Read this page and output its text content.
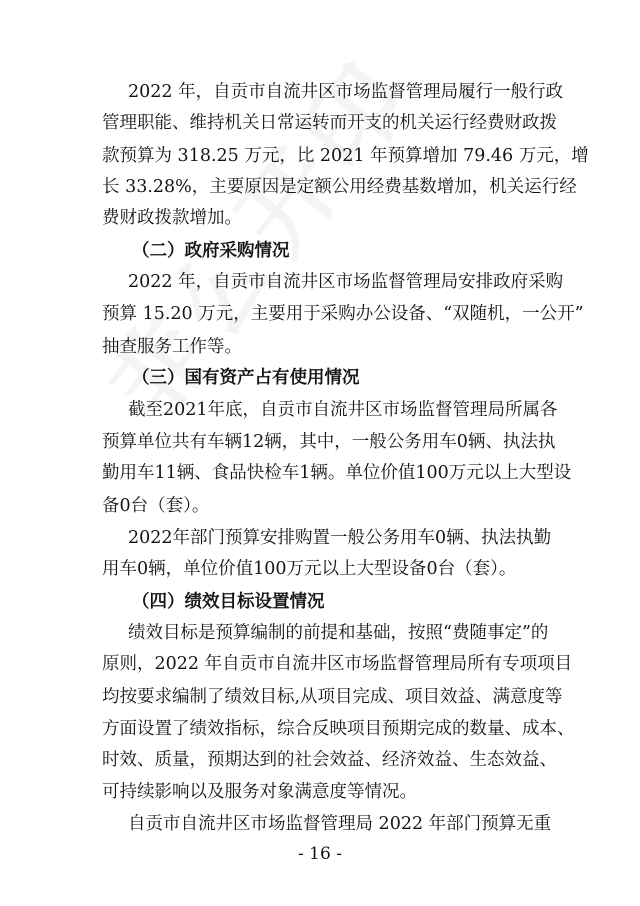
2022 年，自贡市自流井区市场监督管理局履行一般行政
管理职能、维持机关日常运转而开支的机关运行经费财政拨
款预算为 318.25 万元，比 2021 年预算增加 79.46 万元，增
长 33.28%，主要原因是定额公用经费基数增加，机关运行经
费财政拨款增加。
（二）政府采购情况
2022 年，自贡市自流井区市场监督管理局安排政府采购
预算 15.20 万元，主要用于采购办公设备、“双随机，一公开”
抽查服务工作等。
（三）国有资产占有使用情况
截至2021年底，自贡市自流井区市场监督管理局所属各
预算单位共有车辆12辆，其中，一般公务用车0辆、执法执
勤用车11辆、食品快检车1辆。单位价值100万元以上大型设
备0台（套）。
2022年部门预算安排购置一般公务用车0辆、执法执勤
用车0辆，单位价值100万元以上大型设备0台（套）。
（四）绩效目标设置情况
绩效目标是预算编制的前提和基础，按照“费随事定”的
原则，2022 年自贡市自流井区市场监督管理局所有专项项目
均按要求编制了绩效目标,从项目完成、项目效益、满意度等
方面设置了绩效指标，综合反映项目预期完成的数量、成本、
时效、质量，预期达到的社会效益、经济效益、生态效益、
可持续影响以及服务对象满意度等情况。
自贡市自流井区市场监督管理局 2022 年部门预算无重
- 16 -
